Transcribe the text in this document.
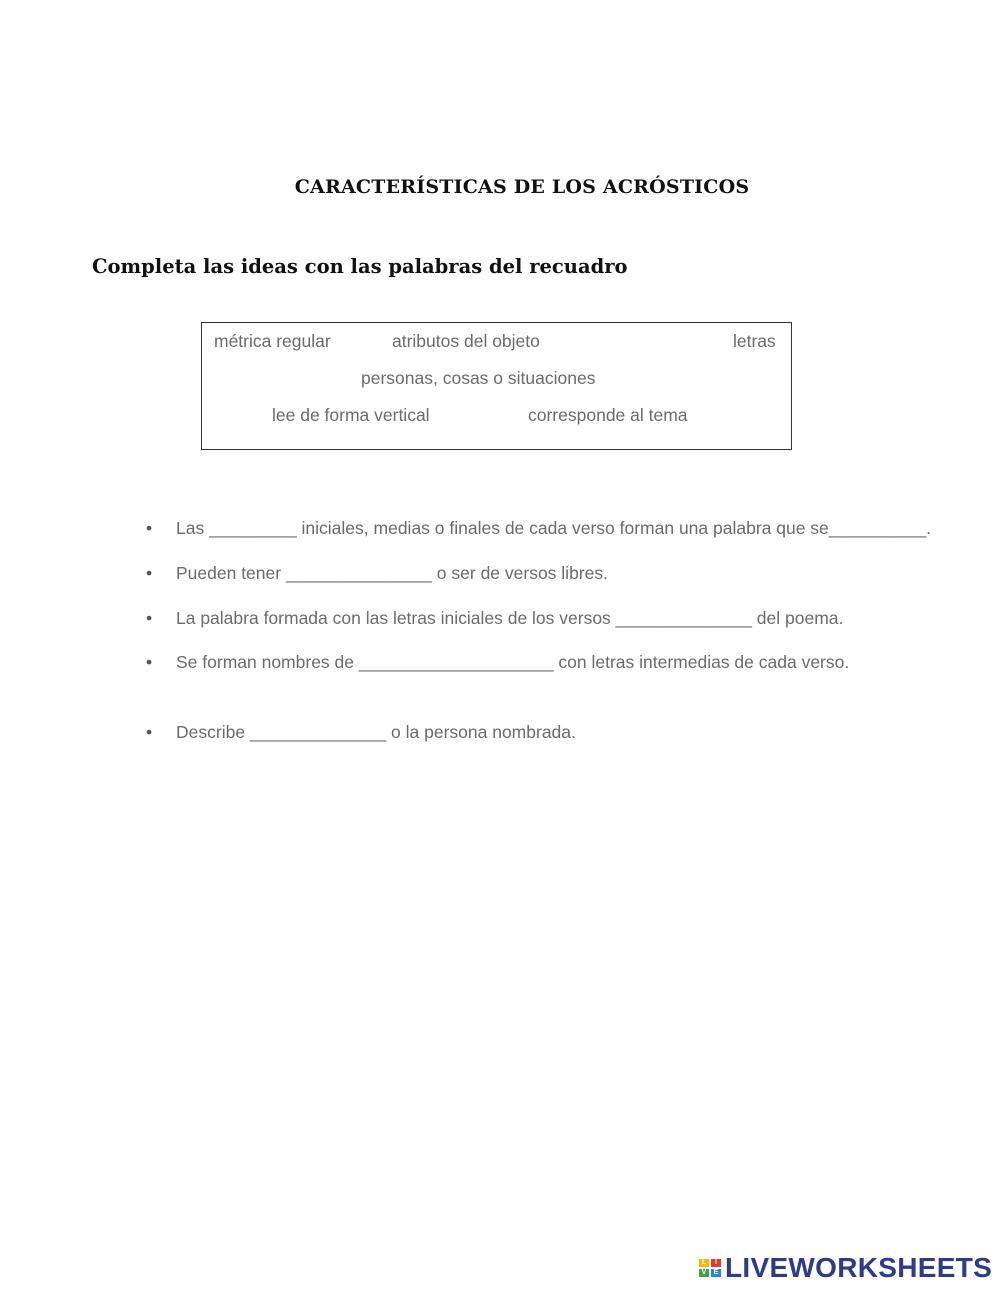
CARACTERÍSTICAS DE LOS ACRÓSTICOS
Completa las ideas con las palabras del recuadro
métrica regular	atributos del objeto	letras
personas, cosas o situaciones
lee de forma vertical	corresponde al tema
• Las _________ iniciales, medias o finales de cada verso forman una palabra que se__________.
• Pueden tener _______________ o ser de versos libres.
• La palabra formada con las letras iniciales de los versos ______________ del poema.
• Se forman nombres de ____________________ con letras intermedias de cada verso.
• Describe ______________ o la persona nombrada.
L	I
V	E LIVEWORKSHEETS
